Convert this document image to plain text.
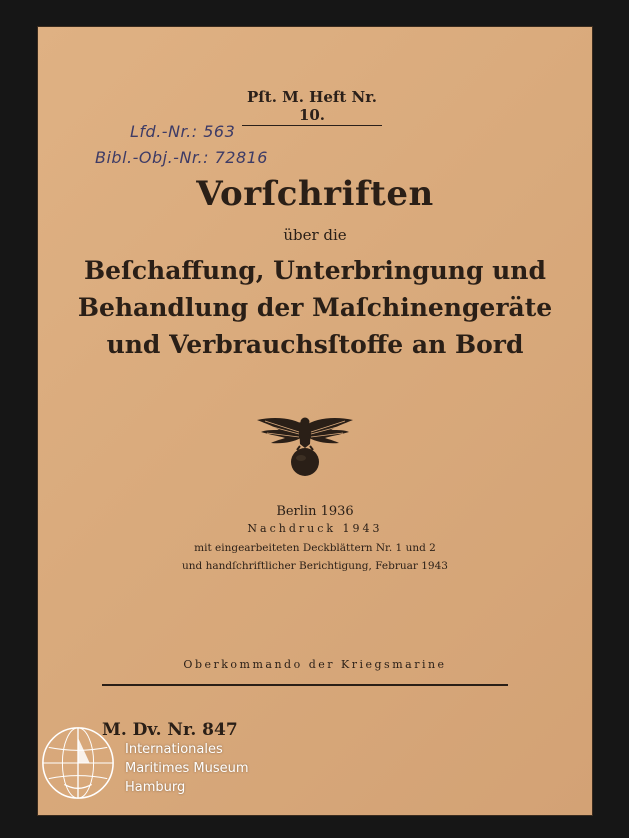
Pſt. M. Heft Nr. 10.
Lfd.-Nr.: 563
Bibl.-Obj.-Nr.: 72816
Vorſchriften
über die
Beſchaffung, Unterbringung und
Behandlung der Maſchinengeräte
und Verbrauchsſtoffe an Bord
Berlin 1936
Nachdruck 1943
mit eingearbeiteten Deckblättern Nr. 1 und 2
und handſchriftlicher Berichtigung, Februar 1943
Oberkommando der Kriegsmarine
M. Dv. Nr. 847
Internationales
Maritimes Museum
Hamburg
